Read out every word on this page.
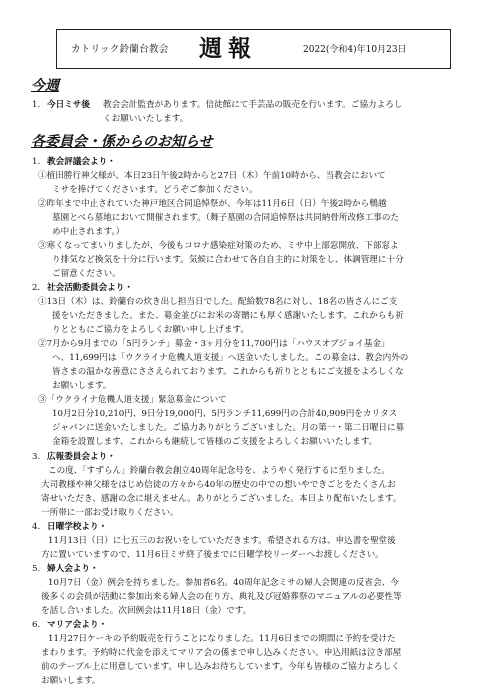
カトリック鈴蘭台教会 週報	2022(令和4)年10月23日
今週
1. 今日ミサ後 教会会計監査があります。信徒館にて手芸品の販売を行います。ご協力よろし
くお願いいたします。
各委員会・係からのお知らせ
1. 教会評議会より・
①植田勝行神父様が、本日23日午後2時からと27日（木）午前10時から、当教会において
ミサを捧げてくださいます。どうぞご参加ください。
②昨年まで中止されていた神戸地区合同追悼祭が、今年は11月6日（日）午後2時から鵯越
墓園とべら墓地において開催されます。（舞子墓園の合同追悼祭は共同納骨所改修工事のた
め中止されます。）
③寒くなってまいりましたが、今後もコロナ感染症対策のため、ミサ中上部窓開放、下部窓よ
り排気など換気を十分に行います。気候に合わせて各自自主的に対策をし、体調管理に十分
ご留意ください。
2. 社会活動委員会より・
①13日（木）は、鈴蘭台の炊き出し担当日でした。配給数78名に対し、18名の皆さんにご支
援をいただきました。また、募金並びにお米の寄贈にも厚く感謝いたします。これからも祈
りとともにご協力をよろしくお願い申し上げます。
②7月から9月までの「5円ランチ」募金・3ヶ月分を11,700円は「ハウスオブジョイ基金」
へ、11,699円は「ウクライナ危機人道支援」へ送金いたしました。この募金は、教会内外の
皆さまの温かな善意にささえられております。これからも祈りとともにご支援をよろしくな
お願いします。
③「ウクライナ危機人道支援」緊急募金について
10月2日分10,210円、9日分19,000円、5円ランチ11,699円の合計40,909円をカリタス
ジャパンに送金いたしました。ご協力ありがとうございました。月の第一・第二日曜日に募
金箱を設置します、これからも継続して皆様のご支援をよろしくお願いいたします。
3. 広報委員会より・
この度、「すずらん」鈴蘭台教会創立40周年記念号を、ようやく発行するに至りました。
大司教様や神父様をはじめ信徒の方々から40年の歴史の中での想いやできごとをたくさんお
寄せいただき、感謝の念に堪えません。ありがとうございました。本日より配布いたします。
一所帯に一部お受け取りください。
4. 日曜学校より・
11月13日（日）に七五三のお祝いをしていただきます。希望される方は、申込書を聖堂後
方に置いていますので、11月6日ミサ終了後までに日曜学校リーダーへお渡しください。
5. 婦人会より・
10月7日（金）例会を持ちました。参加者6名。40周年記念ミサの婦人会関連の反省会、今
後多くの会員が活動に参加出来る婦人会の在り方、典礼及び冠婚葬祭のマニュアルの必要性等
を話し合いました。次回例会は11月18日（金）です。
6. マリア会より・
11月27日ケーキの予約販売を行うことになりました。11月6日までの期間に予約を受けた
まわります。予約時に代金を添えてマリア会の係まで申し込みください。申込用紙は泣き部屋
前のテーブル上に用意しています。申し込みお待ちしています。今年も皆様のご協力よろしく
お願いします。
